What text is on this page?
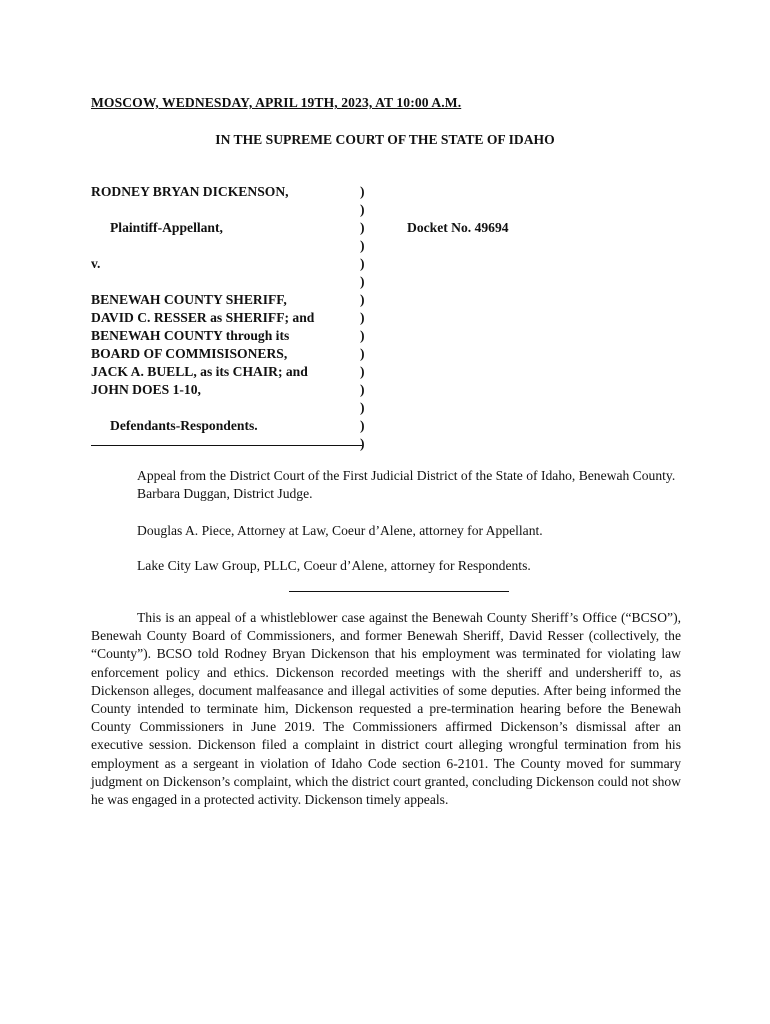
MOSCOW, WEDNESDAY, APRIL 19TH, 2023, AT 10:00 A.M.
IN THE SUPREME COURT OF THE STATE OF IDAHO
RODNEY BRYAN DICKENSON,
Plaintiff-Appellant,
v.
BENEWAH COUNTY SHERIFF,
DAVID C. RESSER as SHERIFF; and
BENEWAH COUNTY through its
BOARD OF COMMISISONERS,
JACK A. BUELL, as its CHAIR; and
JOHN DOES 1-10,
Defendants-Respondents.
)
)
)
)
)
)
)
)
)
)
)
)
)
)
)
Docket No. 49694
Appeal from the District Court of the First Judicial District of the State of Idaho, Benewah County. Barbara Duggan, District Judge.
Douglas A. Piece, Attorney at Law, Coeur d’Alene, attorney for Appellant.
Lake City Law Group, PLLC, Coeur d’Alene, attorney for Respondents.

This is an appeal of a whistleblower case against the Benewah County Sheriff’s Office (“BCSO”), Benewah County Board of Commissioners, and former Benewah Sheriff, David Resser (collectively, the “County”). BCSO told Rodney Bryan Dickenson that his employment was terminated for violating law enforcement policy and ethics. Dickenson recorded meetings with the sheriff and undersheriff to, as Dickenson alleges, document malfeasance and illegal activities of some deputies. After being informed the County intended to terminate him, Dickenson requested a pre-termination hearing before the Benewah County Commissioners in June 2019. The Commissioners affirmed Dickenson’s dismissal after an executive session. Dickenson filed a complaint in district court alleging wrongful termination from his employment as a sergeant in violation of Idaho Code section 6-2101. The County moved for summary judgment on Dickenson’s complaint, which the district court granted, concluding Dickenson could not show he was engaged in a protected activity. Dickenson timely appeals.
